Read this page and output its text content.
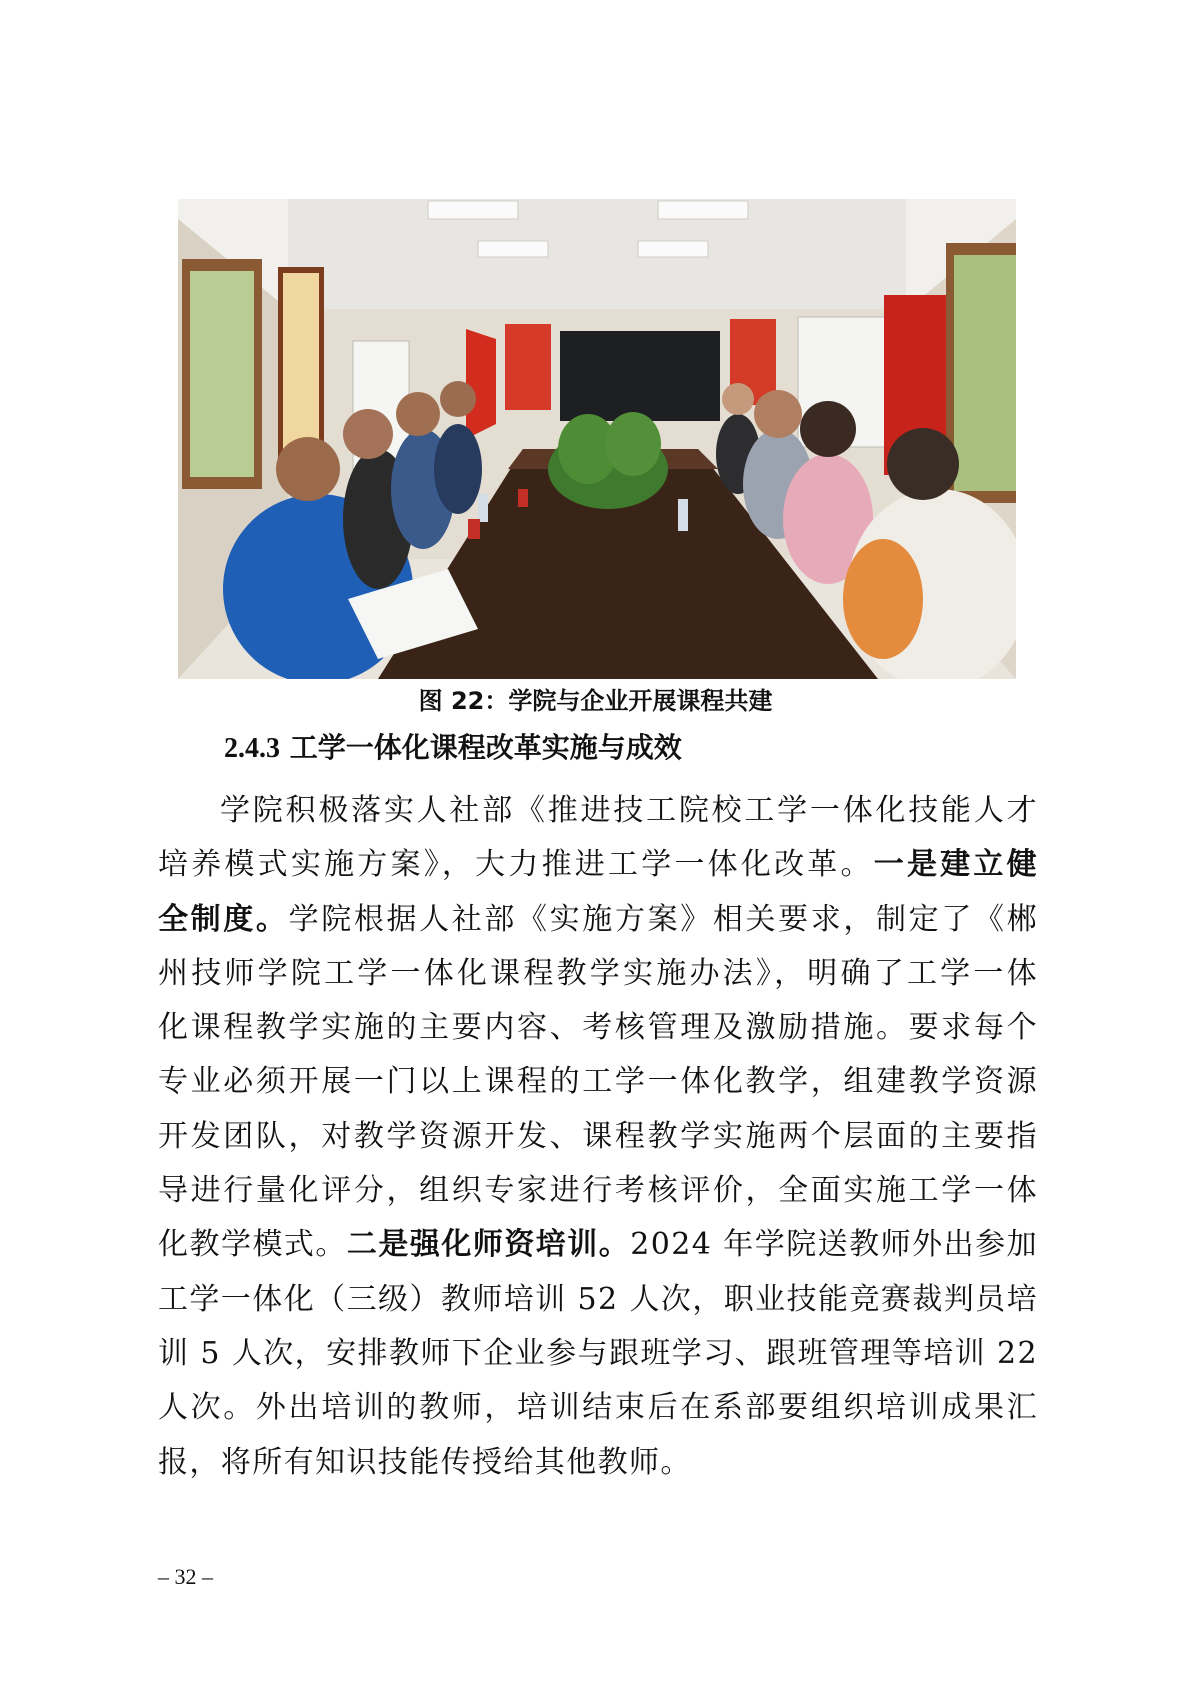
图 22：学院与企业开展课程共建
2.4.3 工学一体化课程改革实施与成效
学院积极落实人社部《推进技工院校工学一体化技能人才
培养模式实施方案》，大力推进工学一体化改革。一是建立健
全制度。学院根据人社部《实施方案》相关要求，制定了《郴
州技师学院工学一体化课程教学实施办法》，明确了工学一体
化课程教学实施的主要内容、考核管理及激励措施。要求每个
专业必须开展一门以上课程的工学一体化教学，组建教学资源
开发团队，对教学资源开发、课程教学实施两个层面的主要指
导进行量化评分，组织专家进行考核评价，全面实施工学一体
化教学模式。二是强化师资培训。2024 年学院送教师外出参加
工学一体化（三级）教师培训 52 人次，职业技能竞赛裁判员培
训 5 人次，安排教师下企业参与跟班学习、跟班管理等培训 22
人次。外出培训的教师，培训结束后在系部要组织培训成果汇
报，将所有知识技能传授给其他教师。
– 32 –
